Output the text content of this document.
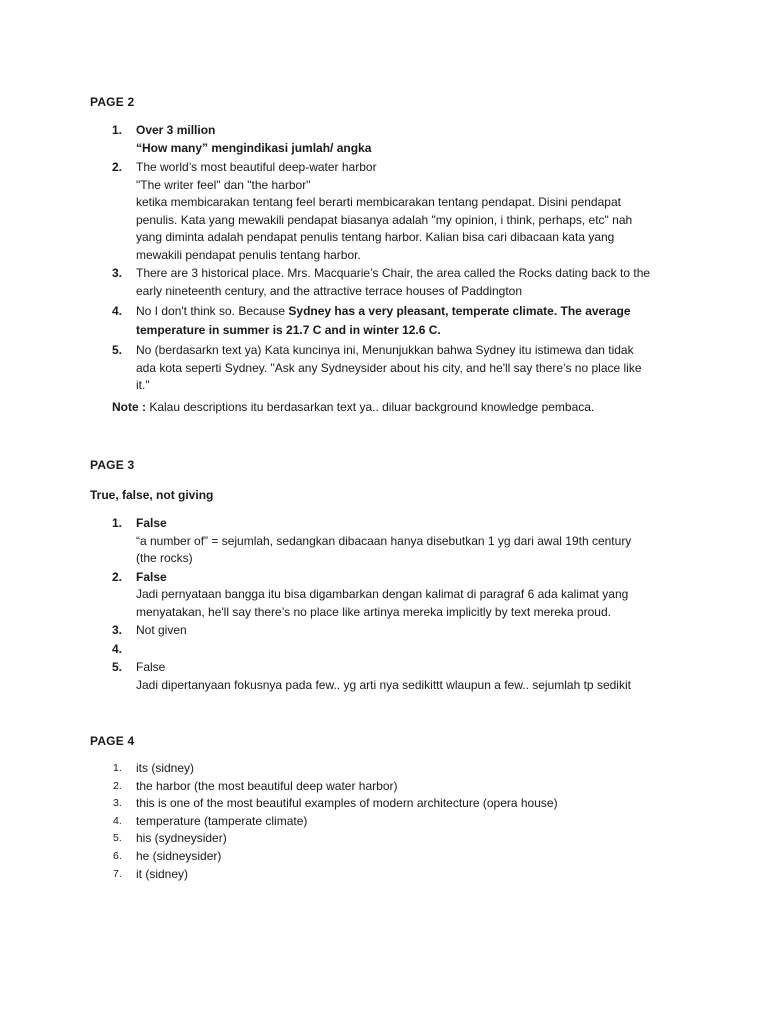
PAGE 2
1. Over 3 million
“How many” mengindikasi jumlah/ angka
2. The world’s most beautiful deep-water harbor
"The writer feel" dan "the harbor"
ketika membicarakan tentang feel berarti membicarakan tentang pendapat. Disini pendapat
penulis. Kata yang mewakili pendapat biasanya adalah "my opinion, i think, perhaps, etc" nah
yang diminta adalah pendapat penulis tentang harbor. Kalian bisa cari dibacaan kata yang
mewakili pendapat penulis tentang harbor.
3. There are 3 historical place. Mrs. Macquarie’s Chair, the area called the Rocks dating back to the
early nineteenth century, and the attractive terrace houses of Paddington
4. No I don't think so. Because Sydney has a very pleasant, temperate climate. The average
temperature in summer is 21.7 C and in winter 12.6 C.
5. No (berdasarkn text ya) Kata kuncinya ini, Menunjukkan bahwa Sydney itu istimewa dan tidak
ada kota seperti Sydney. "Ask any Sydneysider about his city, and he'll say there’s no place like
it."
Note : Kalau descriptions itu berdasarkan text ya.. diluar background knowledge pembaca.
PAGE 3
True, false, not giving
1. False
“a number of” = sejumlah, sedangkan dibacaan hanya disebutkan 1 yg dari awal 19th century
(the rocks)
2. False
Jadi pernyataan bangga itu bisa digambarkan dengan kalimat di paragraf 6 ada kalimat yang
menyatakan, he'll say there’s no place like artinya mereka implicitly by text mereka proud.
3. Not given
4.

5. False
Jadi dipertanyaan fokusnya pada few.. yg arti nya sedikittt wlaupun a few.. sejumlah tp sedikit
PAGE 4
1. its (sidney)
2. the harbor (the most beautiful deep water harbor)
3. this is one of the most beautiful examples of modern architecture (opera house)
4. temperature (tamperate climate)
5. his (sydneysider)
6. he (sidneysider)
7. it (sidney)
